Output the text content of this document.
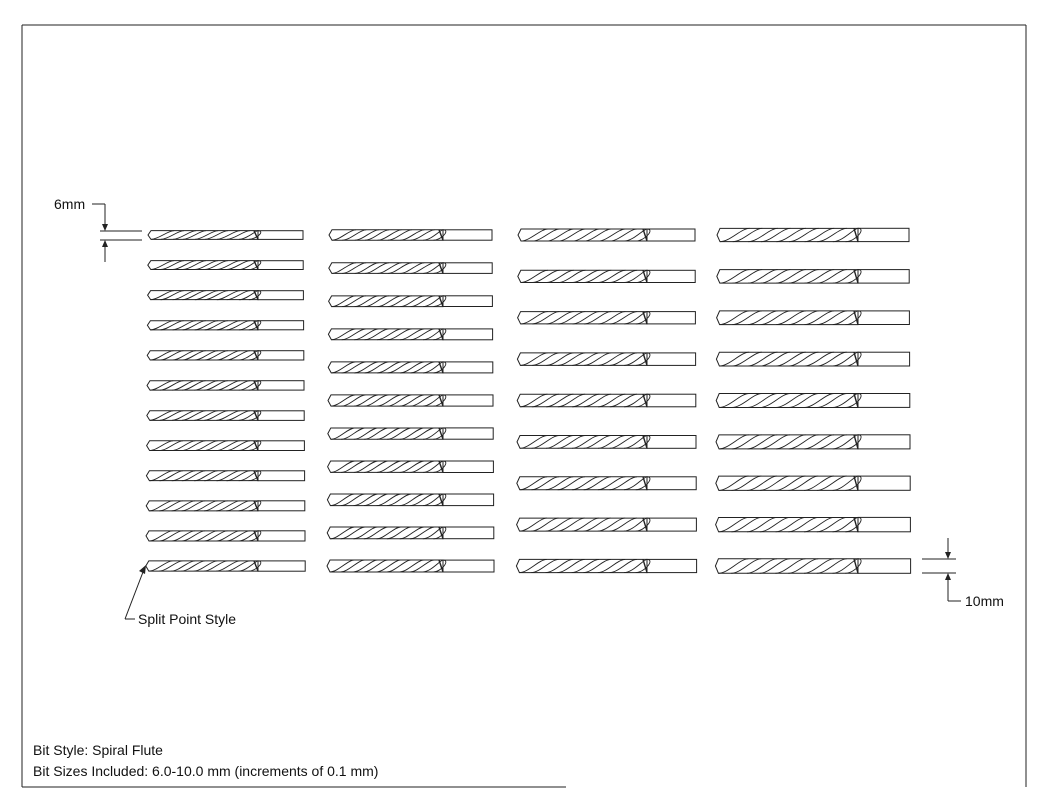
6mm
10mm
Split Point Style
Bit Style: Spiral Flute
Bit Sizes Included: 6.0-10.0 mm (increments of 0.1 mm)
